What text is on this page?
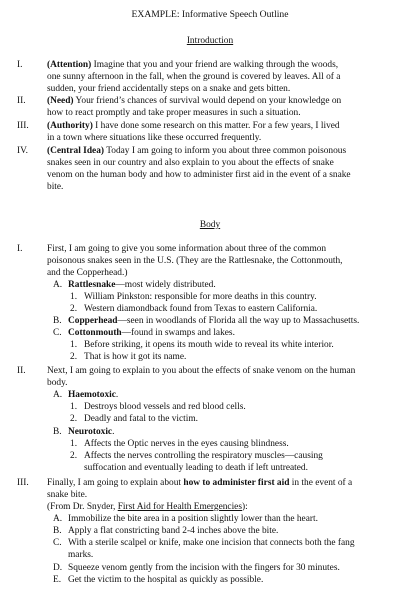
EXAMPLE: Informative Speech Outline
Introduction
I.	(Attention) Imagine that you and your friend are walking through the woods,
one sunny afternoon in the fall, when the ground is covered by leaves. All of a
sudden, your friend accidentally steps on a snake and gets bitten.
II. (Need) Your friend’s chances of survival would depend on your knowledge on
how to react promptly and take proper measures in such a situation.
III. (Authority) I have done some research on this matter. For a few years, I lived
in a town where situations like these occurred frequently.
IV. (Central Idea) Today I am going to inform you about three common poisonous
snakes seen in our country and also explain to you about the effects of snake
venom on the human body and how to administer first aid in the event of a snake
bite.
Body
I.	First, I am going to give you some information about three of the common
poisonous snakes seen in the U.S. (They are the Rattlesnake, the Cottonmouth,
and the Copperhead.)
A. Rattlesnake—most widely distributed.
1. William Pinkston: responsible for more deaths in this country.
2. Western diamondback found from Texas to eastern California.
B. Copperhead—seen in woodlands of Florida all the way up to Massachusetts.
C. Cottonmouth—found in swamps and lakes.
1. Before striking, it opens its mouth wide to reveal its white interior.
2. That is how it got its name.
II. Next, I am going to explain to you about the effects of snake venom on the human
body.
A. Haemotoxic.
1. Destroys blood vessels and red blood cells.
2. Deadly and fatal to the victim.
B. Neurotoxic.
1. Affects the Optic nerves in the eyes causing blindness.
2. Affects the nerves controlling the respiratory muscles—causing
suffocation and eventually leading to death if left untreated.
III. Finally, I am going to explain about how to administer first aid in the event of a
snake bite.
(From Dr. Snyder, First Aid for Health Emergencies):
A. Immobilize the bite area in a position slightly lower than the heart.
B. Apply a flat constricting band 2-4 inches above the bite.
C. With a sterile scalpel or knife, make one incision that connects both the fang
marks.
D. Squeeze venom gently from the incision with the fingers for 30 minutes.
E. Get the victim to the hospital as quickly as possible.
